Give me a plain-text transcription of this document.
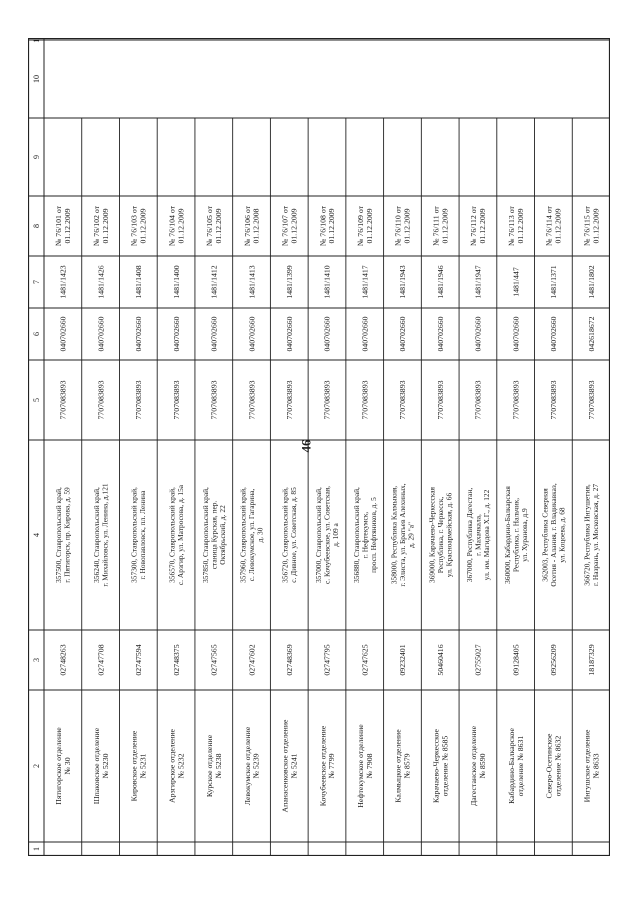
46
1
2
3
4
5
6
7
8
9
10
11
Пятигорское отделение № 30
02748263
357500, Ставропольский край, г. Пятигорск, пр. Кирова, д. 59
7707083893
040702660
1481/1423
№ 76/101 от 01.12.2009
Шпаковское отделение № 5230
02747708
356240, Ставропольский край, г. Михайловск, ул. Ленина, д.121
7707083893
040702660
1481/1426
№ 76/102 от 01.12.2009
Кировское отделение № 5231
02747594
357300, Ставропольский край, г. Новопавловск, пл. Ленина
7707083893
040702660
1481/1408
№ 76/103 от 01.12.2009
Арзгирское отделение № 5232
02748375
356570, Ставропольский край, с. Арзгир, ул. Матросова, д. 15а
7707083893
040702660
1481/1400
№ 76/104 от 01.12.2009
Курское отделение № 5238
02747565
357850, Ставропольский край, станица Курская, пер. Октябрьский, д. 22
7707083893
040702660
1481/1412
№ 76/105 от 01.12.2009
Левокумское отделение № 5239
02747602
357960, Ставропольский край, с. Левокумское, ул. Гагарина, д. 30
7707083893
040702660
1481/1413
№ 76/106 от 01.12.2008
Апанасенковское отделение № 5241
02748369
356720, Ставропольский край, с. Дивное, ул. Советская, д. 85
7707083893
040702660
1481/1399
№ 76/107 от 01.12.2009
Кочубеевское отделение № 7799
02747795
357000, Ставропольский край, с. Кочубеевское, ул. Советская, д. 109 а
7707083893
040702660
1481/1410
№ 76/108 от 01.12.2009
Нефтекумское отделение № 7908
02747625
356880, Ставропольский край, г. Нефтекумск, просп. Нефтяников, д. 5
7707083893
040702660
1481/1417
№ 76/109 от 01.12.2009
Калмыцкое отделение № 8579
09232401
358000, Республика Калмыкия, г. Элиста, ул. Братьев Алехиных, д. 29 "а"
7707083893
040702660
1481/1943
№ 76/110 от 01.12.2009
Карачаево-Черкесское отделение № 8585
50460416
369000, Карачаево-Черкесская Республика, г. Черкесск, ул. Красноармейская, д. 66
7707083893
040702660
1481/1946
№ 76/111 от 01.12.2009
Дагестанское отделение № 8590
02755027
367000, Республика Дагестан, г. Махачкала, ул. им. Магидова Х.Г., д. 122
7707083893
040702660
1481/1947
№ 76/112 от 01.12.2009
Кабардино-Балкарское отделение № 8631
09128405
360000, Кабардино-Балкарская Республика, г. Нальчик, ул. Хуранова, д.9
7707083893
040702660
1481/447
№ 76/113 от 01.12.2009
Северо-Осетинское отделение № 8632
09256209
362003, Республика Северная Осетия - Алания, г. Владикавказ, ул. Коцоева, д. 68
7707083893
040702660
1481/1371
№ 76/114 от 01.12.2009
Ингушское отделение № 8633
18187329
366720, Республика Ингушетия, г. Назрань, ул. Московская, д. 27
7707083893
042618672
1481/1802
№ 76/115 от 01.12.2009
